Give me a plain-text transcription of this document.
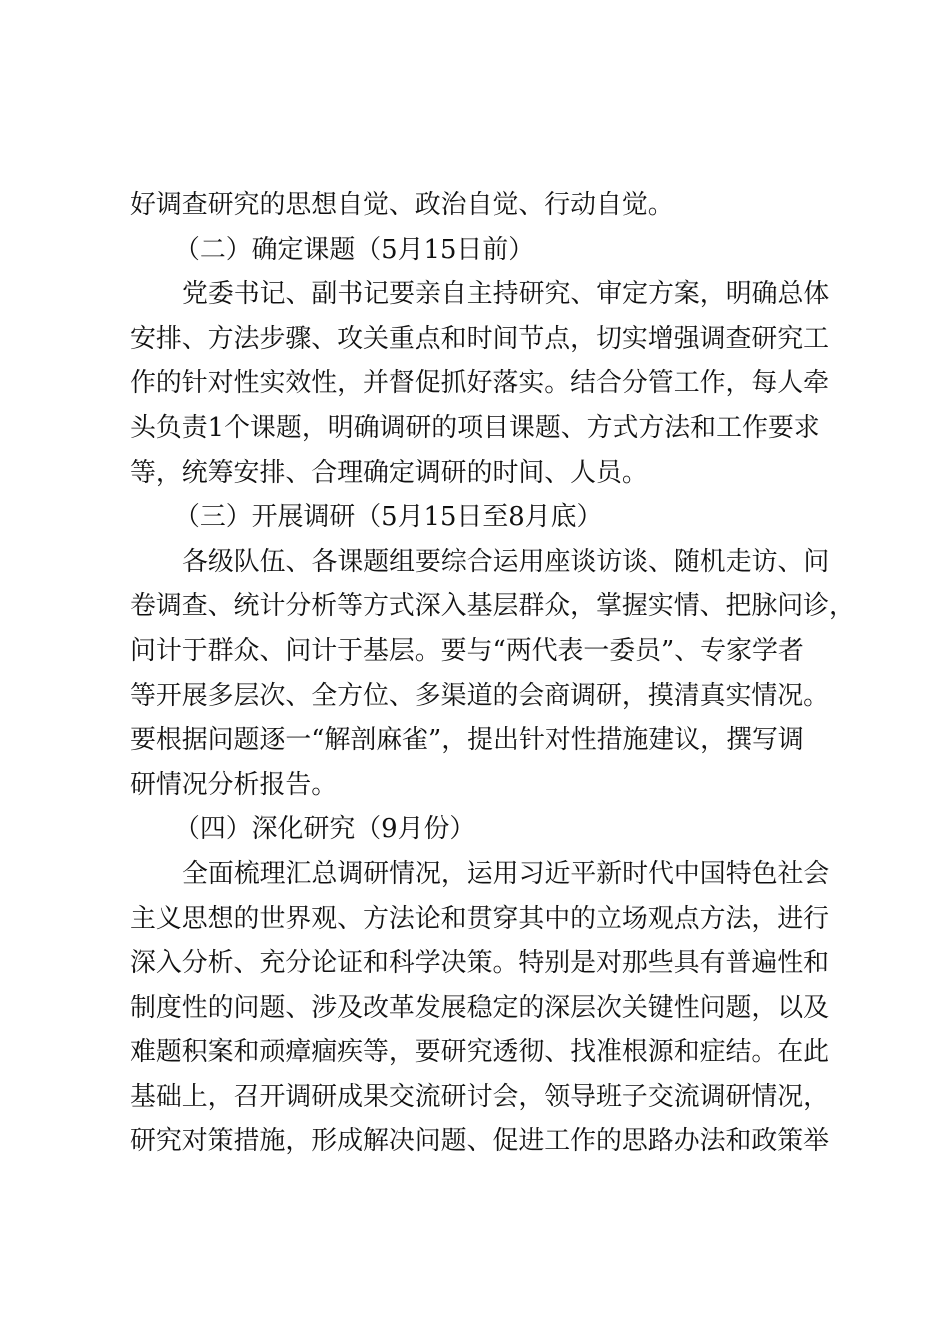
好调查研究的思想自觉、政治自觉、行动自觉。
（二）确定课题（5月15日前）
党委书记、副书记要亲自主持研究、审定方案，明确总体
安排、方法步骤、攻关重点和时间节点，切实增强调查研究工
作的针对性实效性，并督促抓好落实。结合分管工作，每人牵
头负责1个课题，明确调研的项目课题、方式方法和工作要求
等，统筹安排、合理确定调研的时间、人员。
（三）开展调研（5月15日至8月底）
各级队伍、各课题组要综合运用座谈访谈、随机走访、问
卷调查、统计分析等方式深入基层群众，掌握实情、把脉问诊，
问计于群众、问计于基层。要与“两代表一委员”、专家学者
等开展多层次、全方位、多渠道的会商调研，摸清真实情况。
要根据问题逐一“解剖麻雀”，提出针对性措施建议，撰写调
研情况分析报告。
（四）深化研究（9月份）
全面梳理汇总调研情况，运用习近平新时代中国特色社会
主义思想的世界观、方法论和贯穿其中的立场观点方法，进行
深入分析、充分论证和科学决策。特别是对那些具有普遍性和
制度性的问题、涉及改革发展稳定的深层次关键性问题，以及
难题积案和顽瘴痼疾等，要研究透彻、找准根源和症结。在此
基础上，召开调研成果交流研讨会，领导班子交流调研情况，
研究对策措施，形成解决问题、促进工作的思路办法和政策举
